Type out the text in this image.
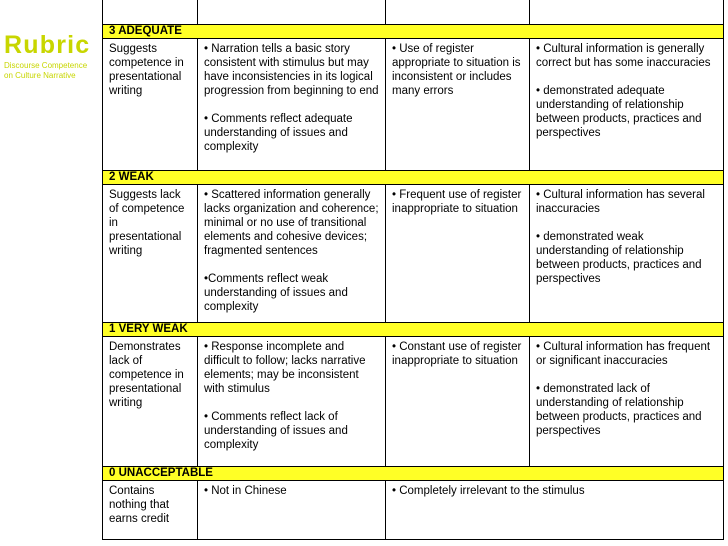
Rubric
Discourse Competence on Culture Narrative
3 ADEQUATE
Suggests competence in presentational writing

• Narration tells a basic story consistent with stimulus but may have inconsistencies in its logical progression from beginning to end

• Comments reflect adequate understanding of issues and complexity

• Use of register appropriate to situation is inconsistent or includes many errors

• Cultural information is generally correct but has some inaccuracies

• demonstrated adequate understanding of relationship between products, practices and perspectives

2 WEAK
Suggests lack of competence in presentational writing

• Scattered information generally lacks organization and coherence; minimal or no use of transitional elements and cohesive devices; fragmented sentences

•Comments reflect weak understanding of issues and complexity

• Frequent use of register inappropriate to situation

• Cultural information has several inaccuracies

• demonstrated weak understanding of relationship between products, practices and perspectives

1 VERY WEAK
Demonstrates lack of competence in presentational writing

• Response incomplete and difficult to follow; lacks narrative elements; may be inconsistent with stimulus

• Comments reflect lack of understanding of issues and complexity

• Constant use of register inappropriate to situation

• Cultural information has frequent or significant inaccuracies

• demonstrated lack of understanding of relationship between products, practices and perspectives

0 UNACCEPTABLE
Contains nothing that earns credit

• Not in Chinese	• Completely irrelevant to the stimulus
